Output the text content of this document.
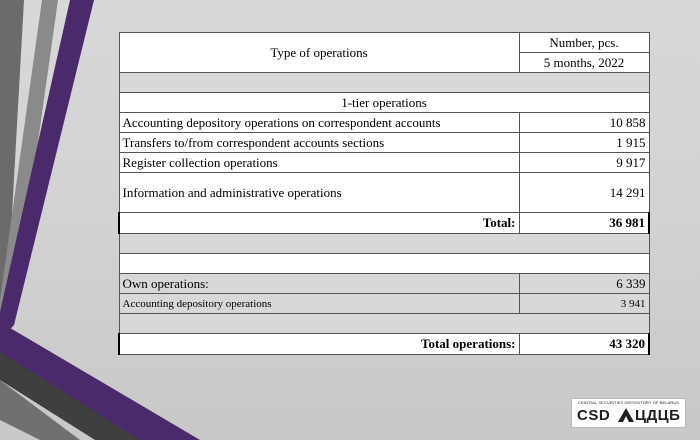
Type of operations	Number, pcs.
	5 months, 2022

1-tier operations	
Accounting depository operations on correspondent accounts	10 858
Transfers to/from correspondent accounts sections	1 915
Register collection operations	9 917
Information and administrative operations	14 291
Total:	36 981

Own operations:	6 339
Accounting depository operations	3 941

Total operations:	43 320
CENTRAL SECURITIES DEPOSITORY OF BELARUS
CSD ЦДЦБ
